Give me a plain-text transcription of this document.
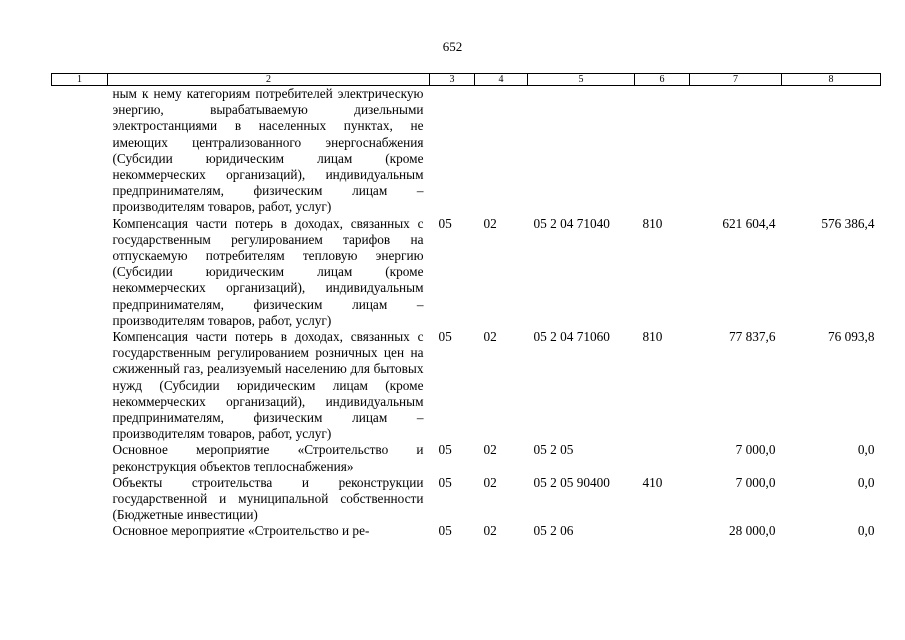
652
1	2	3	4	5	6	7	8
	ным к нему категориям потребителей электрическую энергию, вырабатываемую дизельными электростанциями в населенных пунктах, не имеющих централизованного энергоснабжения (Субсидии юридическим лицам (кроме некоммерческих организаций), индивидуальным предпринимателям, физическим лицам – производителям товаров, работ, услуг)						
	Компенсация части потерь в доходах, связанных с государственным регулированием тарифов на отпускаемую потребителям тепловую энергию (Субсидии юридическим лицам (кроме некоммерческих организаций), индивидуальным предпринимателям, физическим лицам – производителям товаров, работ, услуг)	05	02	05 2 04 71040	810	621 604,4	576 386,4
	Компенсация части потерь в доходах, связанных с государственным регулированием розничных цен на сжиженный газ, реализуемый населению для бытовых нужд (Субсидии юридическим лицам (кроме некоммерческих организаций), индивидуальным предпринимателям, физическим лицам – производителям товаров, работ, услуг)	05	02	05 2 04 71060	810	77 837,6	76 093,8
	Основное мероприятие «Строительство и реконструкция объектов теплоснабжения»	05	02	05 2 05		7 000,0	0,0
	Объекты строительства и реконструкции государственной и муниципальной собственности (Бюджетные инвестиции)	05	02	05 2 05 90400	410	7 000,0	0,0
	Основное мероприятие «Строительство и ре-	05	02	05 2 06		28 000,0	0,0
